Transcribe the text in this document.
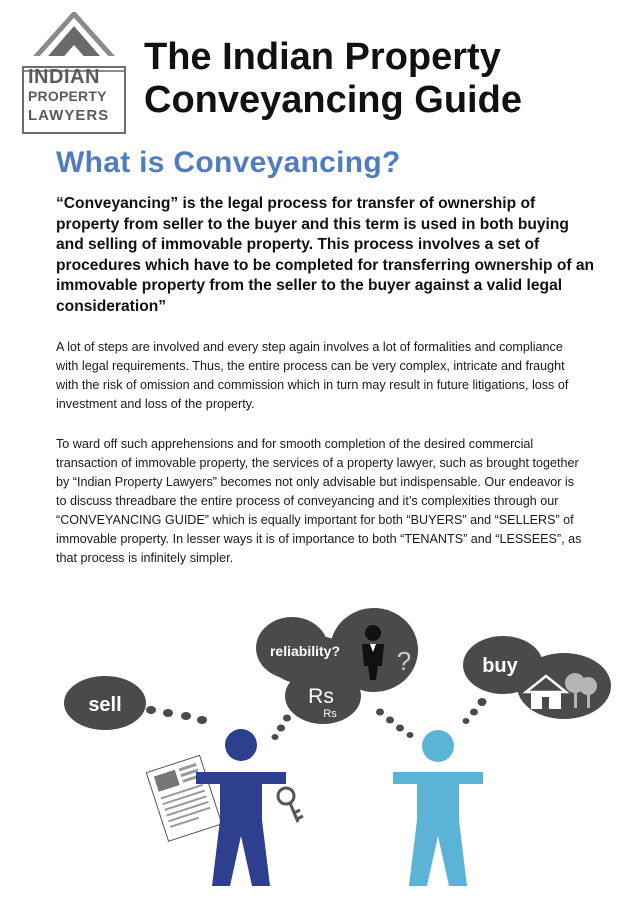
INDIAN
PROPERTY
LAWYERS
The Indian Property
Conveyancing Guide
What is Conveyancing?

“Conveyancing” is the legal process for transfer of ownership of property from seller to the buyer and this term is used in both buying and selling of immovable property. This process involves a set of procedures which have to be completed for transferring ownership of an immovable property from the seller to the buyer against a valid legal consideration”

A lot of steps are involved and every step again involves a lot of formalities and compliance with legal requirements. Thus, the entire process can be very complex, intricate and fraught with the risk of omission and commission which in turn may result in future litigations, loss of investment and loss of the property.

To ward off such apprehensions and for smooth completion of the desired commercial transaction of immovable property, the services of a property lawyer, such as brought together by “Indian Property Lawyers” becomes not only advisable but indispensable. Our endeavor is to discuss threadbare the entire process of conveyancing and it’s complexities through our “CONVEYANCING GUIDE” which is equally important for both “BUYERS” and “SELLERS” of immovable property. In lesser ways it is of importance to both “TENANTS” and “LESSEES”, as that process is infinitely simpler.

sell
reliability? ?
Rs
Rs
buy
